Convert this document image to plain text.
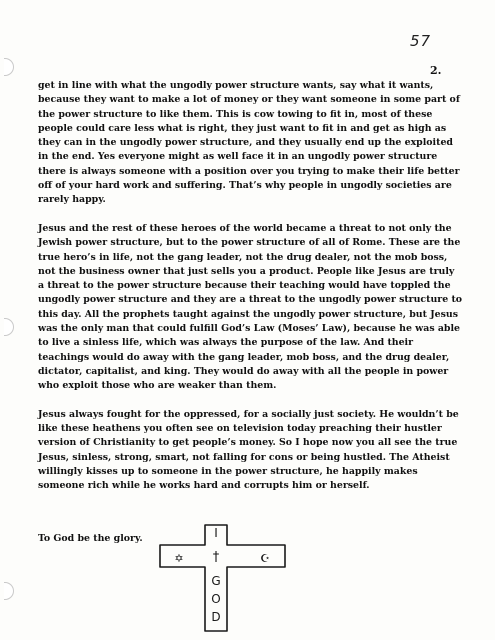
57
2.

get in line with what the ungodly power structure wants, say what it wants, because they want to make a lot of money or they want someone in some part of the power structure to like them. This is cow towing to fit in, most of these people could care less what is right, they just want to fit in and get as high as they can in the ungodly power structure, and they usually end up the exploited in the end. Yes everyone might as well face it in an ungodly power structure there is always someone with a position over you trying to make their life better off of your hard work and suffering. That’s why people in ungodly societies are rarely happy.

Jesus and the rest of these heroes of the world became a threat to not only the Jewish power structure, but to the power structure of all of Rome. These are the true hero’s in life, not the gang leader, not the drug dealer, not the mob boss, not the business owner that just sells you a product. People like Jesus are truly a threat to the power structure because their teaching would have toppled the ungodly power structure and they are a threat to the ungodly power structure to this day. All the prophets taught against the ungodly power structure, but Jesus was the only man that could fulfill God’s Law (Moses’ Law), because he was able to live a sinless life, which was always the purpose of the law. And their teachings would do away with the gang leader, mob boss, and the drug dealer, dictator, capitalist, and king. They would do away with all the people in power who exploit those who are weaker than them.

Jesus always fought for the oppressed, for a socially just society. He wouldn’t be like these heathens you often see on television today preaching their hustler version of Christianity to get people’s money. So I hope now you all see the true Jesus, sinless, strong, smart, not falling for cons or being hustled. The Atheist willingly kisses up to someone in the power structure, he happily makes someone rich while he works hard and corrupts him or herself.

To God be the glory.	I
†
G
O
D
✡	☪
